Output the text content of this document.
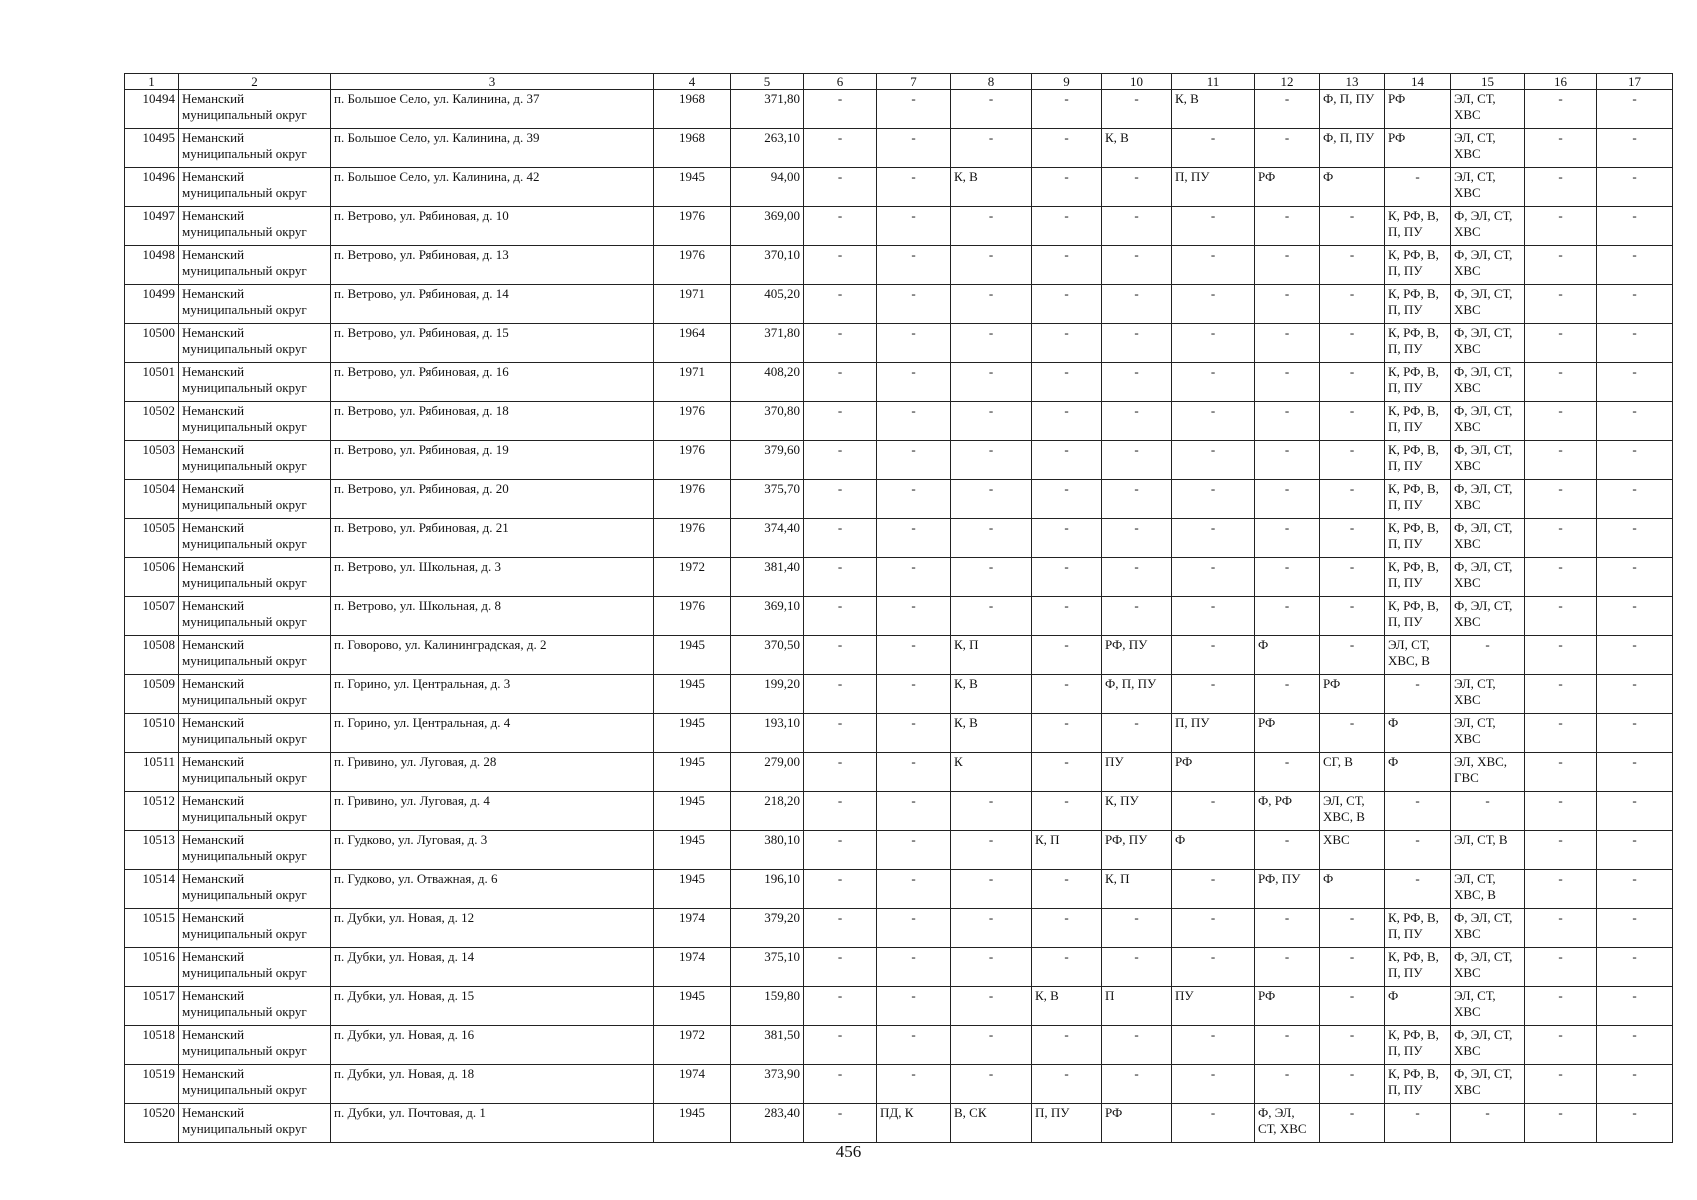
1	2	3	4	5	6	7	8	9	10	11	12	13	14	15	16	17
10494	Неманский муниципальный округ	п. Большое Село, ул. Калинина, д. 37	1968	371,80	-	-	-	-	-	К, В	-	Ф, П, ПУ	РФ	ЭЛ, СТ, ХВС	-	-
10495	Неманский муниципальный округ	п. Большое Село, ул. Калинина, д. 39	1968	263,10	-	-	-	-	К, В	-	-	Ф, П, ПУ	РФ	ЭЛ, СТ, ХВС	-	-
10496	Неманский муниципальный округ	п. Большое Село, ул. Калинина, д. 42	1945	94,00	-	-	К, В	-	-	П, ПУ	РФ	Ф	-	ЭЛ, СТ, ХВС	-	-
10497	Неманский муниципальный округ	п. Ветрово, ул. Рябиновая, д. 10	1976	369,00	-	-	-	-	-	-	-	-	К, РФ, В, П, ПУ	Ф, ЭЛ, СТ, ХВС	-	-
10498	Неманский муниципальный округ	п. Ветрово, ул. Рябиновая, д. 13	1976	370,10	-	-	-	-	-	-	-	-	К, РФ, В, П, ПУ	Ф, ЭЛ, СТ, ХВС	-	-
10499	Неманский муниципальный округ	п. Ветрово, ул. Рябиновая, д. 14	1971	405,20	-	-	-	-	-	-	-	-	К, РФ, В, П, ПУ	Ф, ЭЛ, СТ, ХВС	-	-
10500	Неманский муниципальный округ	п. Ветрово, ул. Рябиновая, д. 15	1964	371,80	-	-	-	-	-	-	-	-	К, РФ, В, П, ПУ	Ф, ЭЛ, СТ, ХВС	-	-
10501	Неманский муниципальный округ	п. Ветрово, ул. Рябиновая, д. 16	1971	408,20	-	-	-	-	-	-	-	-	К, РФ, В, П, ПУ	Ф, ЭЛ, СТ, ХВС	-	-
10502	Неманский муниципальный округ	п. Ветрово, ул. Рябиновая, д. 18	1976	370,80	-	-	-	-	-	-	-	-	К, РФ, В, П, ПУ	Ф, ЭЛ, СТ, ХВС	-	-
10503	Неманский муниципальный округ	п. Ветрово, ул. Рябиновая, д. 19	1976	379,60	-	-	-	-	-	-	-	-	К, РФ, В, П, ПУ	Ф, ЭЛ, СТ, ХВС	-	-
10504	Неманский муниципальный округ	п. Ветрово, ул. Рябиновая, д. 20	1976	375,70	-	-	-	-	-	-	-	-	К, РФ, В, П, ПУ	Ф, ЭЛ, СТ, ХВС	-	-
10505	Неманский муниципальный округ	п. Ветрово, ул. Рябиновая, д. 21	1976	374,40	-	-	-	-	-	-	-	-	К, РФ, В, П, ПУ	Ф, ЭЛ, СТ, ХВС	-	-
10506	Неманский муниципальный округ	п. Ветрово, ул. Школьная, д. 3	1972	381,40	-	-	-	-	-	-	-	-	К, РФ, В, П, ПУ	Ф, ЭЛ, СТ, ХВС	-	-
10507	Неманский муниципальный округ	п. Ветрово, ул. Школьная, д. 8	1976	369,10	-	-	-	-	-	-	-	-	К, РФ, В, П, ПУ	Ф, ЭЛ, СТ, ХВС	-	-
10508	Неманский муниципальный округ	п. Говорово, ул. Калининградская, д. 2	1945	370,50	-	-	К, П	-	РФ, ПУ	-	Ф	-	ЭЛ, СТ, ХВС, В	-	-	-
10509	Неманский муниципальный округ	п. Горино, ул. Центральная, д. 3	1945	199,20	-	-	К, В	-	Ф, П, ПУ	-	-	РФ	-	ЭЛ, СТ, ХВС	-	-
10510	Неманский муниципальный округ	п. Горино, ул. Центральная, д. 4	1945	193,10	-	-	К, В	-	-	П, ПУ	РФ	-	Ф	ЭЛ, СТ, ХВС	-	-
10511	Неманский муниципальный округ	п. Гривино, ул. Луговая, д. 28	1945	279,00	-	-	К	-	ПУ	РФ	-	СГ, В	Ф	ЭЛ, ХВС, ГВС	-	-
10512	Неманский муниципальный округ	п. Гривино, ул. Луговая, д. 4	1945	218,20	-	-	-	-	К, ПУ	-	Ф, РФ	ЭЛ, СТ, ХВС, В	-	-	-	-
10513	Неманский муниципальный округ	п. Гудково, ул. Луговая, д. 3	1945	380,10	-	-	-	К, П	РФ, ПУ	Ф	-	ХВС	-	ЭЛ, СТ, В	-	-
10514	Неманский муниципальный округ	п. Гудково, ул. Отважная, д. 6	1945	196,10	-	-	-	-	К, П	-	РФ, ПУ	Ф	-	ЭЛ, СТ, ХВС, В	-	-
10515	Неманский муниципальный округ	п. Дубки, ул. Новая, д. 12	1974	379,20	-	-	-	-	-	-	-	-	К, РФ, В, П, ПУ	Ф, ЭЛ, СТ, ХВС	-	-
10516	Неманский муниципальный округ	п. Дубки, ул. Новая, д. 14	1974	375,10	-	-	-	-	-	-	-	-	К, РФ, В, П, ПУ	Ф, ЭЛ, СТ, ХВС	-	-
10517	Неманский муниципальный округ	п. Дубки, ул. Новая, д. 15	1945	159,80	-	-	-	К, В	П	ПУ	РФ	-	Ф	ЭЛ, СТ, ХВС	-	-
10518	Неманский муниципальный округ	п. Дубки, ул. Новая, д. 16	1972	381,50	-	-	-	-	-	-	-	-	К, РФ, В, П, ПУ	Ф, ЭЛ, СТ, ХВС	-	-
10519	Неманский муниципальный округ	п. Дубки, ул. Новая, д. 18	1974	373,90	-	-	-	-	-	-	-	-	К, РФ, В, П, ПУ	Ф, ЭЛ, СТ, ХВС	-	-
10520	Неманский муниципальный округ	п. Дубки, ул. Почтовая, д. 1	1945	283,40	-	ПД, К	В, СК	П, ПУ	РФ	-	Ф, ЭЛ, СТ, ХВС	-	-	-	-	-
456
